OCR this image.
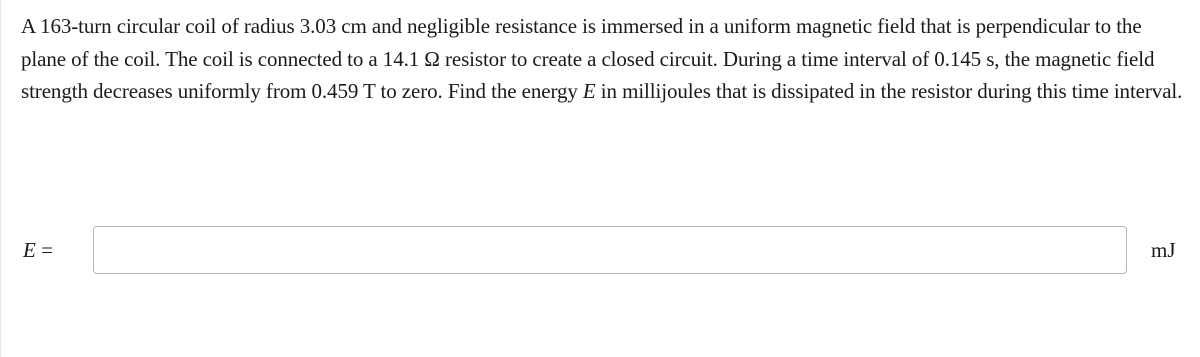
A 163-turn circular coil of radius 3.03 cm and negligible resistance is immersed in a uniform magnetic field that is perpendicular to the plane of the coil. The coil is connected to a 14.1 Ω resistor to create a closed circuit. During a time interval of 0.145 s, the magnetic field strength decreases uniformly from 0.459 T to zero. Find the energy E in millijoules that is dissipated in the resistor during this time interval.

E =	mJ
